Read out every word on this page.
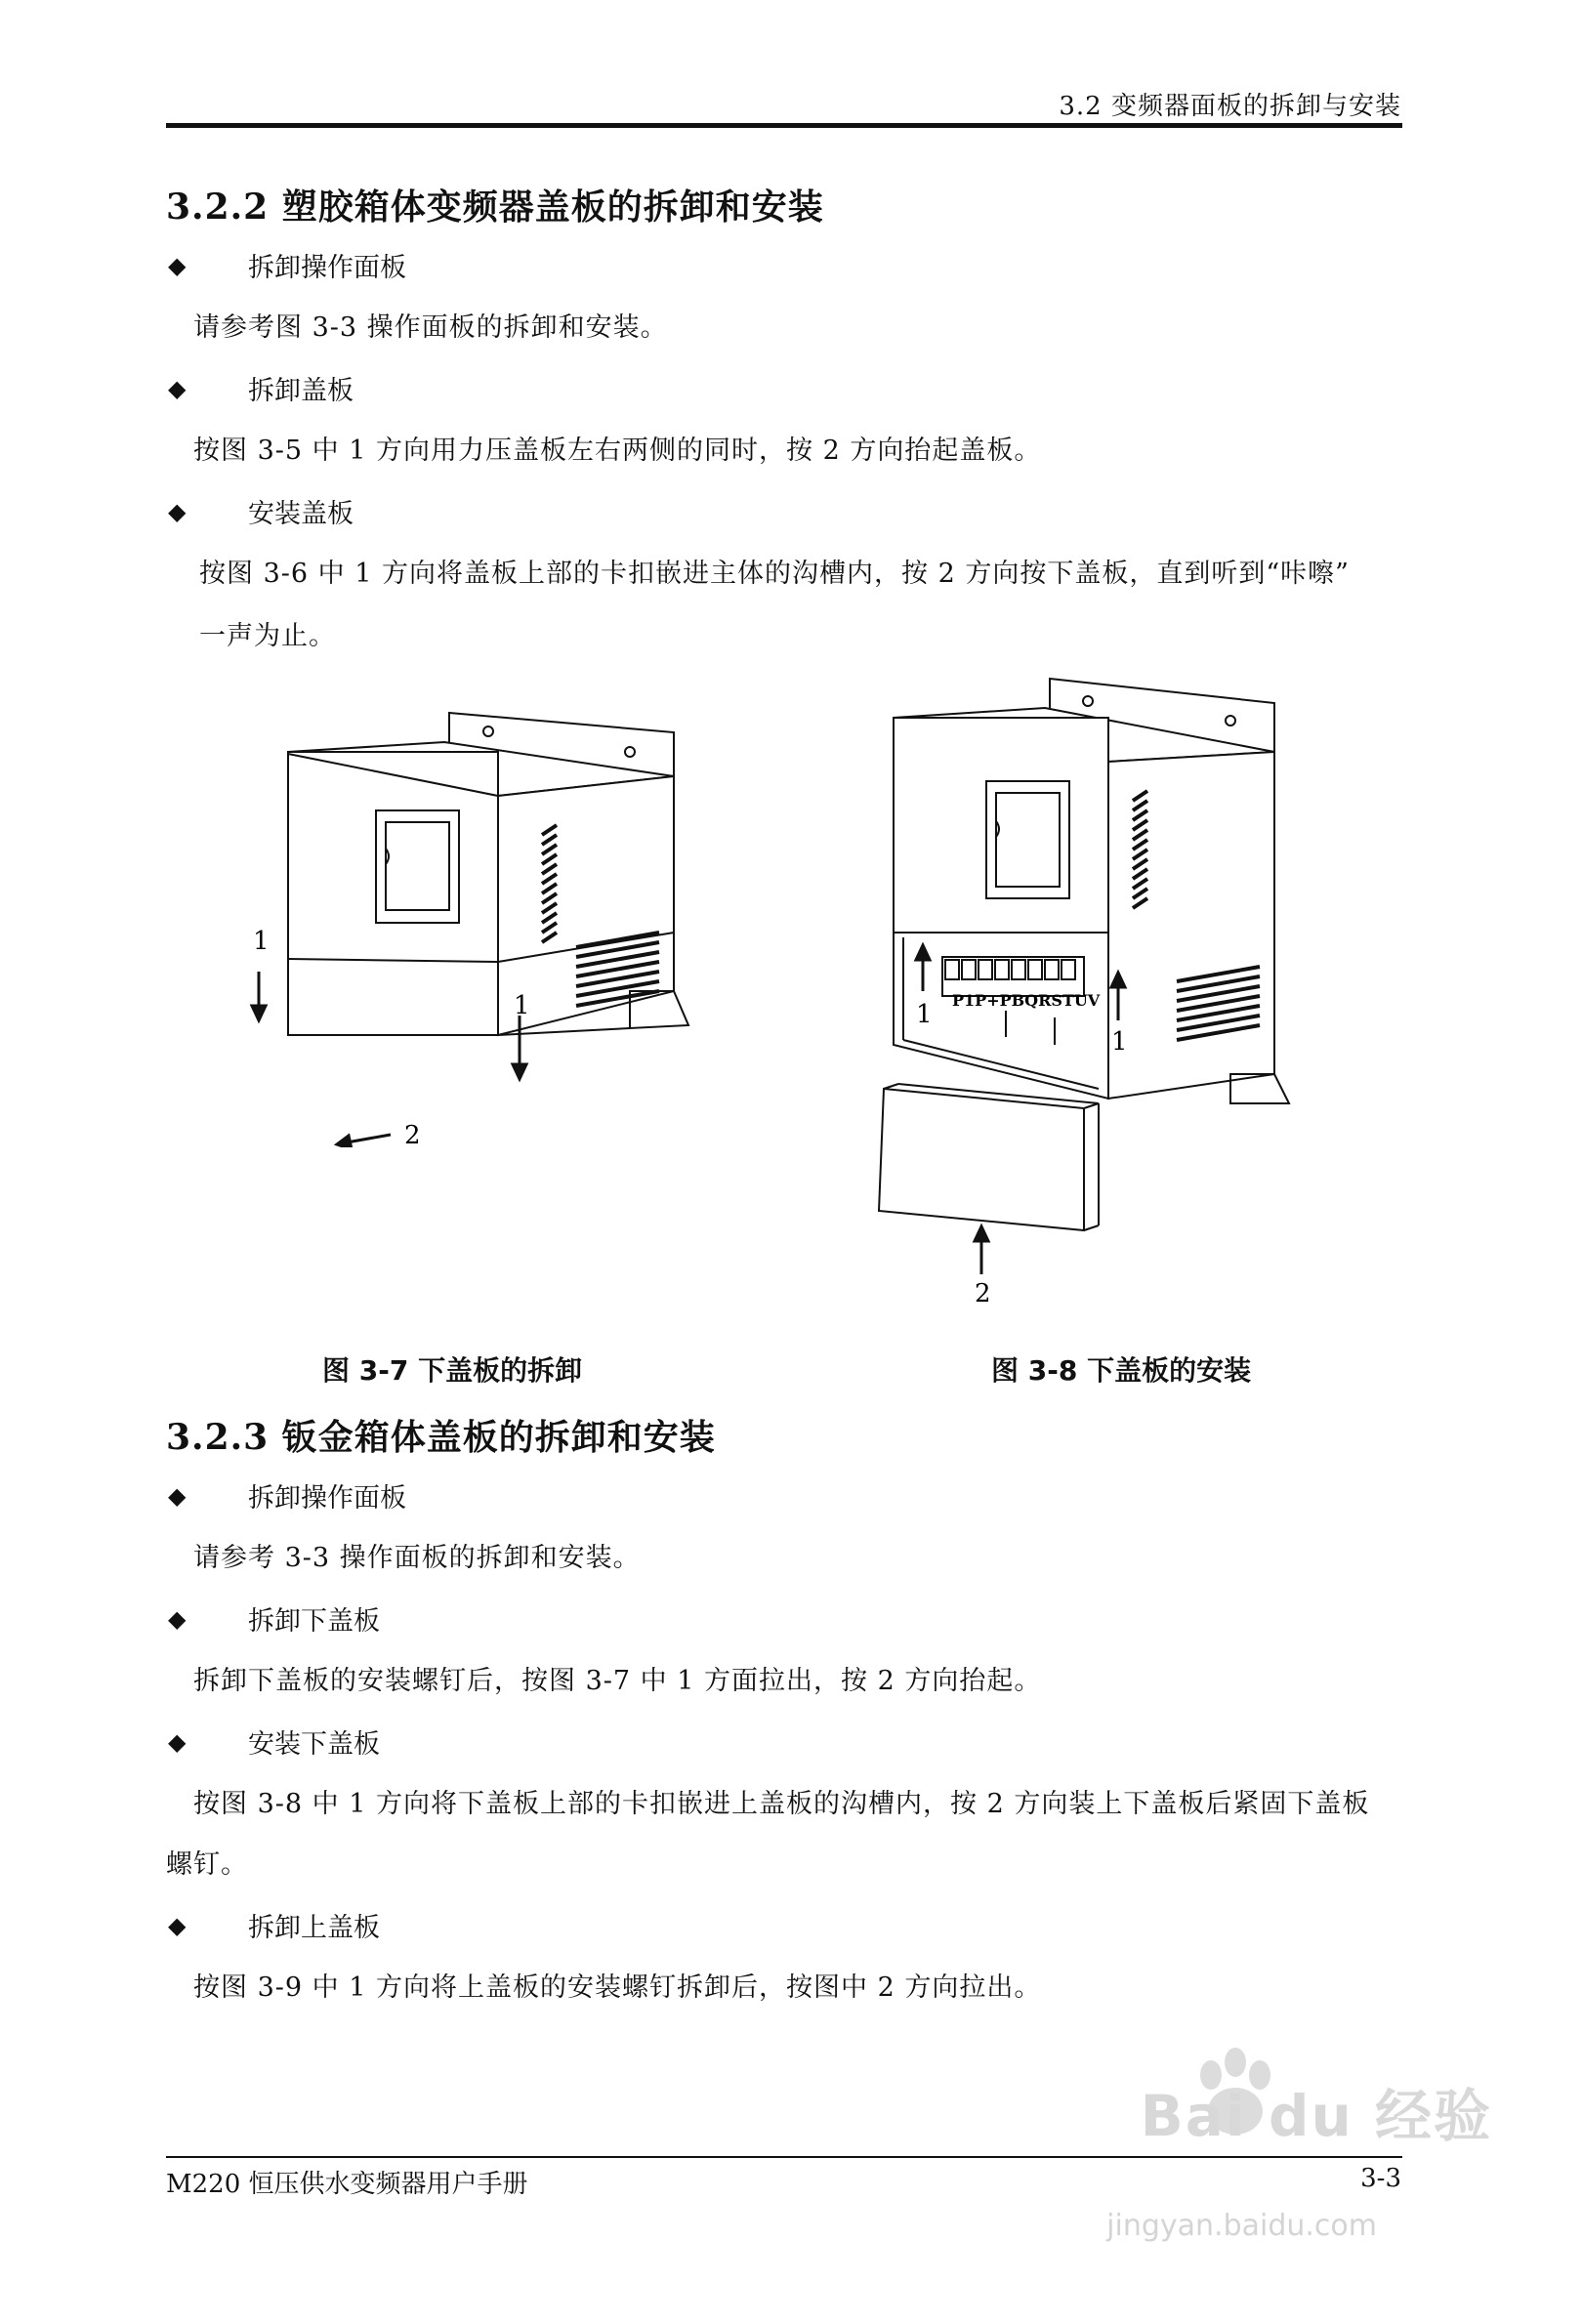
3.2 变频器面板的拆卸与安装
3.2.2 塑胶箱体变频器盖板的拆卸和安装
◆	拆卸操作面板
请参考图 3-3 操作面板的拆卸和安装。
◆	拆卸盖板
按图 3-5 中 1 方向用力压盖板左右两侧的同时，按 2 方向抬起盖板。
◆	安装盖板
按图 3-6 中 1 方向将盖板上部的卡扣嵌进主体的沟槽内，按 2 方向按下盖板，直到听到“咔嚓”
一声为止。
1
1
2
P1P+PBQRSTUV
1
1
2
图 3-7 下盖板的拆卸	图 3-8 下盖板的安装
3.2.3 钣金箱体盖板的拆卸和安装
◆	拆卸操作面板
请参考 3-3 操作面板的拆卸和安装。
◆	拆卸下盖板
拆卸下盖板的安装螺钉后，按图 3-7 中 1 方面拉出，按 2 方向抬起。
◆	安装下盖板
按图 3-8 中 1 方向将下盖板上部的卡扣嵌进上盖板的沟槽内，按 2 方向装上下盖板后紧固下盖板
螺钉。
◆	拆卸上盖板
按图 3-9 中 1 方向将上盖板的安装螺钉拆卸后，按图中 2 方向拉出。
Bai du 经验
M220 恒压供水变频器用户手册	3-3
jingyan.baidu.com
